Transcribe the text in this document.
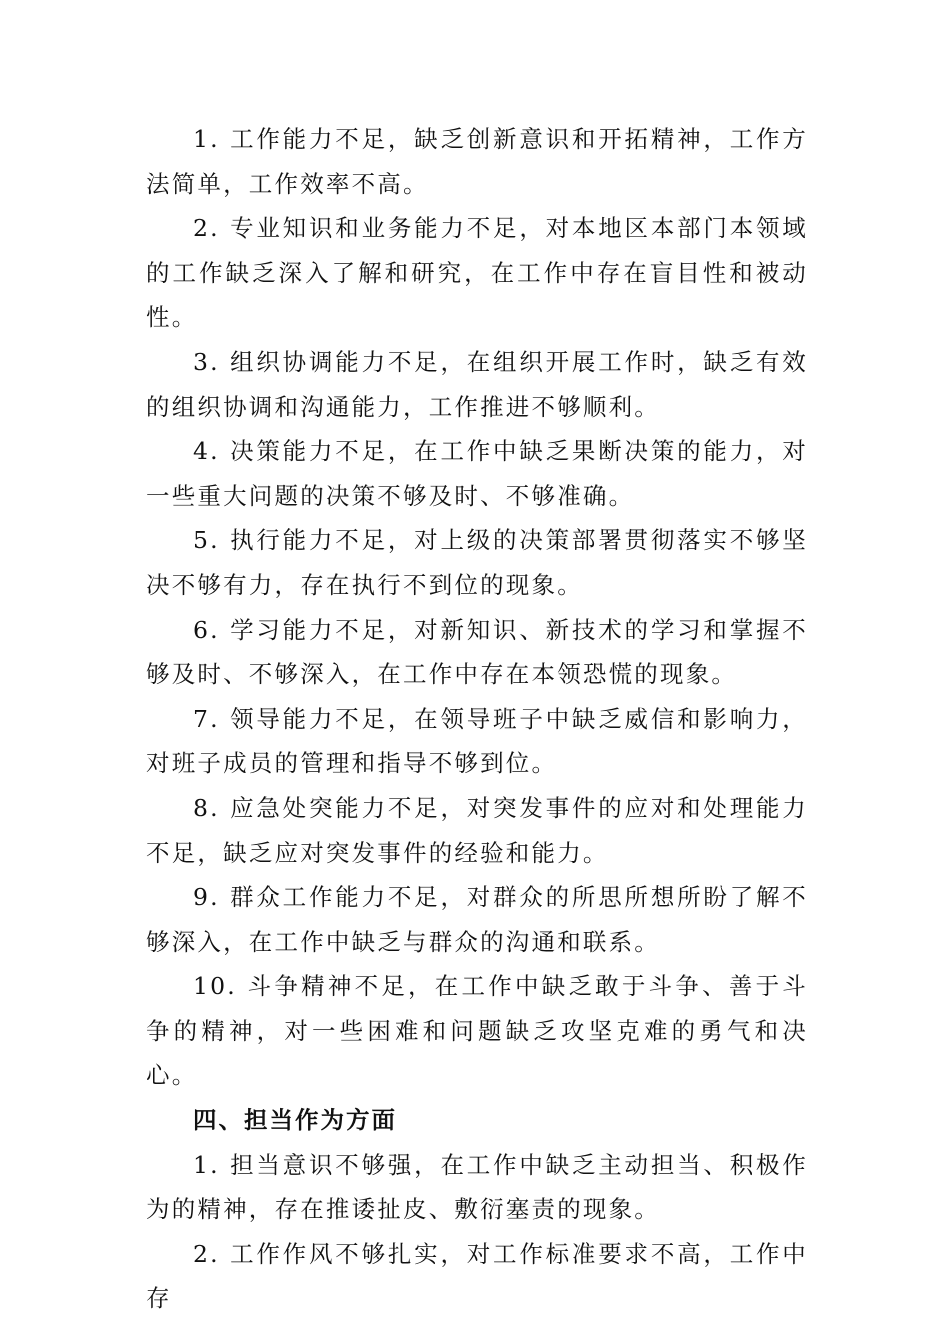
1. 工作能力不足，缺乏创新意识和开拓精神，工作方法简单，工作效率不高。

2. 专业知识和业务能力不足，对本地区本部门本领域的工作缺乏深入了解和研究，在工作中存在盲目性和被动性。

3. 组织协调能力不足，在组织开展工作时，缺乏有效的组织协调和沟通能力，工作推进不够顺利。

4. 决策能力不足，在工作中缺乏果断决策的能力，对一些重大问题的决策不够及时、不够准确。

5. 执行能力不足，对上级的决策部署贯彻落实不够坚决不够有力，存在执行不到位的现象。

6. 学习能力不足，对新知识、新技术的学习和掌握不够及时、不够深入，在工作中存在本领恐慌的现象。

7. 领导能力不足，在领导班子中缺乏威信和影响力，对班子成员的管理和指导不够到位。

8. 应急处突能力不足，对突发事件的应对和处理能力不足，缺乏应对突发事件的经验和能力。

9. 群众工作能力不足，对群众的所思所想所盼了解不够深入，在工作中缺乏与群众的沟通和联系。

10. 斗争精神不足，在工作中缺乏敢于斗争、善于斗争的精神，对一些困难和问题缺乏攻坚克难的勇气和决心。

四、担当作为方面

1. 担当意识不够强，在工作中缺乏主动担当、积极作为的精神，存在推诿扯皮、敷衍塞责的现象。

2. 工作作风不够扎实，对工作标准要求不高，工作中存
